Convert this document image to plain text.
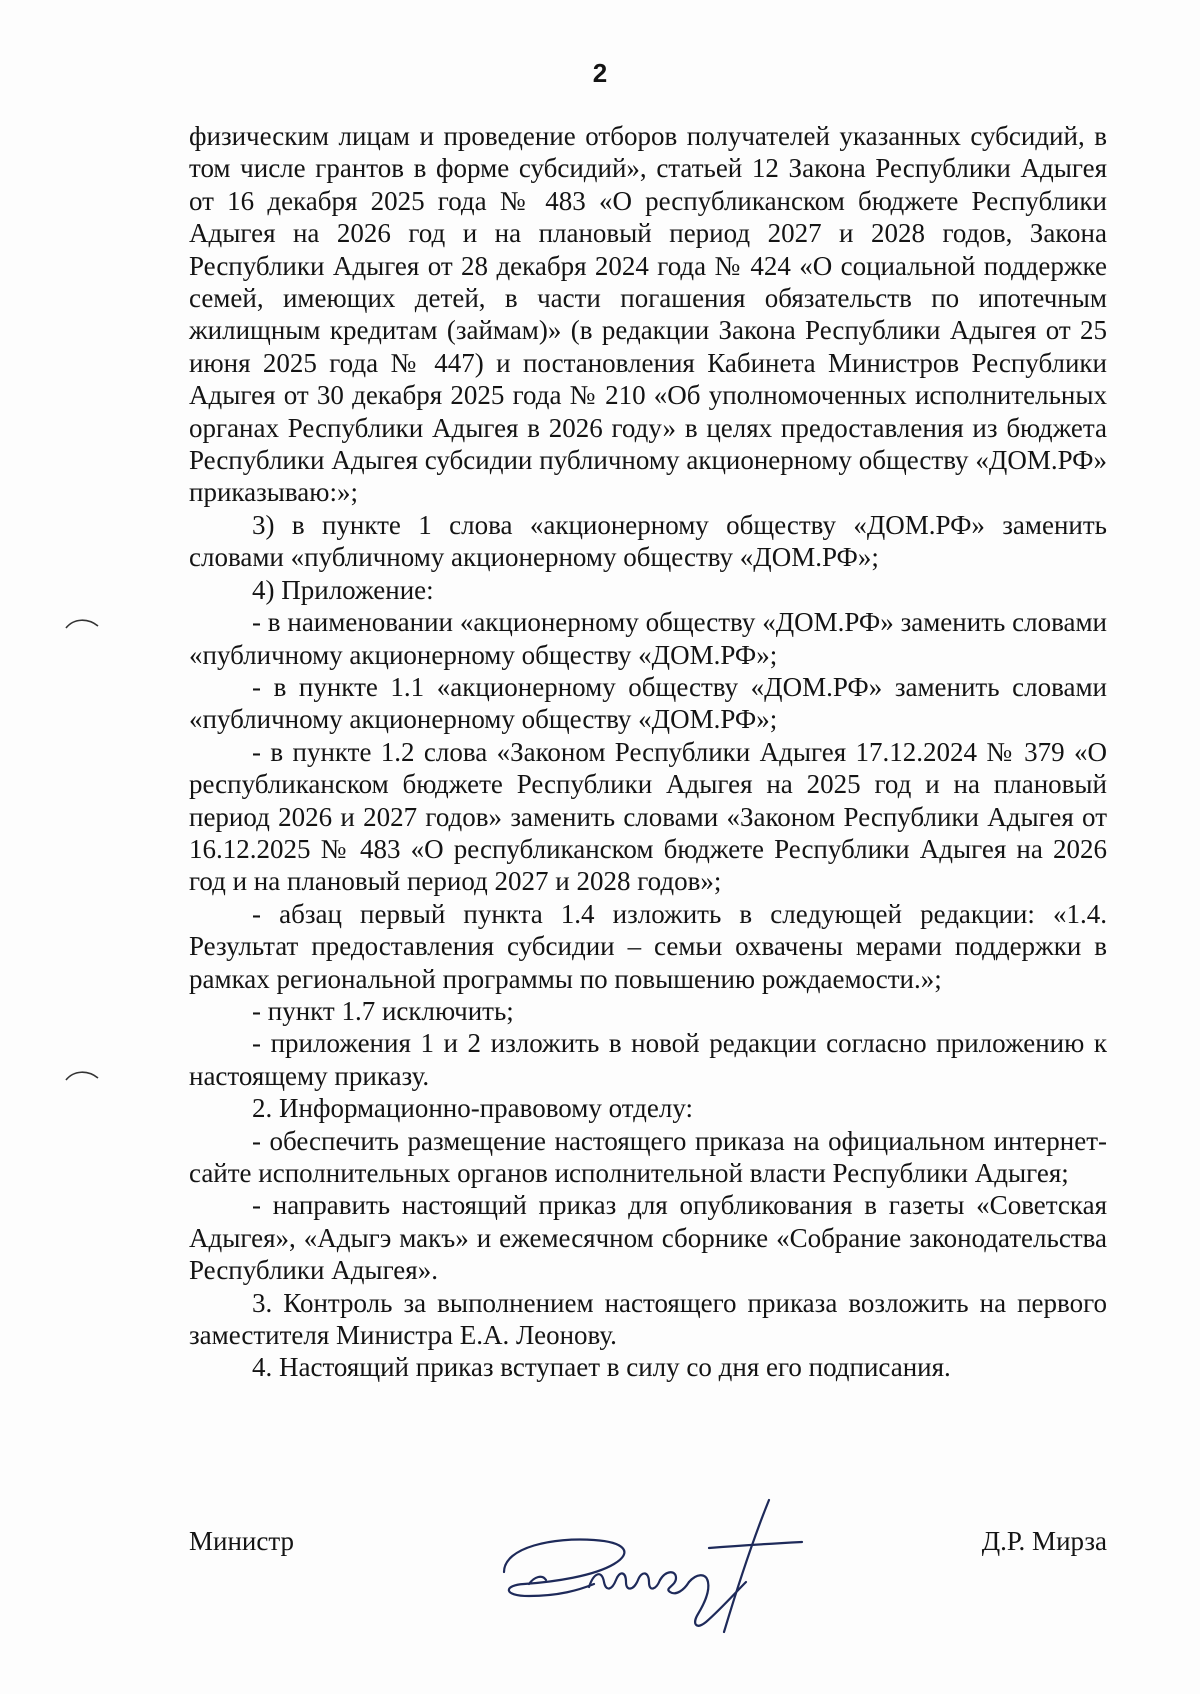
2

физическим лицам и проведение отборов получателей указанных субсидий, в том числе грантов в форме субсидий», статьей 12 Закона Республики Адыгея от 16 декабря 2025 года № 483 «О республиканском бюджете Республики Адыгея на 2026 год и на плановый период 2027 и 2028 годов, Закона Республики Адыгея от 28 декабря 2024 года № 424 «О социальной поддержке семей, имеющих детей, в части погашения обязательств по ипотечным жилищным кредитам (займам)» (в редакции Закона Республики Адыгея от 25 июня 2025 года № 447) и постановления Кабинета Министров Республики Адыгея от 30 декабря 2025 года № 210 «Об уполномоченных исполнительных органах Республики Адыгея в 2026 году» в целях предоставления из бюджета Республики Адыгея субсидии публичному акционерному обществу «ДОМ.РФ» приказываю:»;

3) в пункте 1 слова «акционерному обществу «ДОМ.РФ» заменить словами «публичному акционерному обществу «ДОМ.РФ»;

4) Приложение:

- в наименовании «акционерному обществу «ДОМ.РФ» заменить словами «публичному акционерному обществу «ДОМ.РФ»;

- в пункте 1.1 «акционерному обществу «ДОМ.РФ» заменить словами «публичному акционерному обществу «ДОМ.РФ»;

- в пункте 1.2 слова «Законом Республики Адыгея 17.12.2024 № 379 «О республиканском бюджете Республики Адыгея на 2025 год и на плановый период 2026 и 2027 годов» заменить словами «Законом Республики Адыгея от 16.12.2025 № 483 «О республиканском бюджете Республики Адыгея на 2026 год и на плановый период 2027 и 2028 годов»;

- абзац первый пункта 1.4 изложить в следующей редакции: «1.4. Результат предоставления субсидии – семьи охвачены мерами поддержки в рамках региональной программы по повышению рождаемости.»;

- пункт 1.7 исключить;

- приложения 1 и 2 изложить в новой редакции согласно приложению к настоящему приказу.

2. Информационно-правовому отделу:

- обеспечить размещение настоящего приказа на официальном интернет-сайте исполнительных органов исполнительной власти Республики Адыгея;

- направить настоящий приказ для опубликования в газеты «Советская Адыгея», «Адыгэ макъ» и ежемесячном сборнике «Собрание законодательства Республики Адыгея».

3. Контроль за выполнением настоящего приказа возложить на первого заместителя Министра Е.А. Леонову.

4. Настоящий приказ вступает в силу со дня его подписания.

Министр	Д.Р. Мирза
